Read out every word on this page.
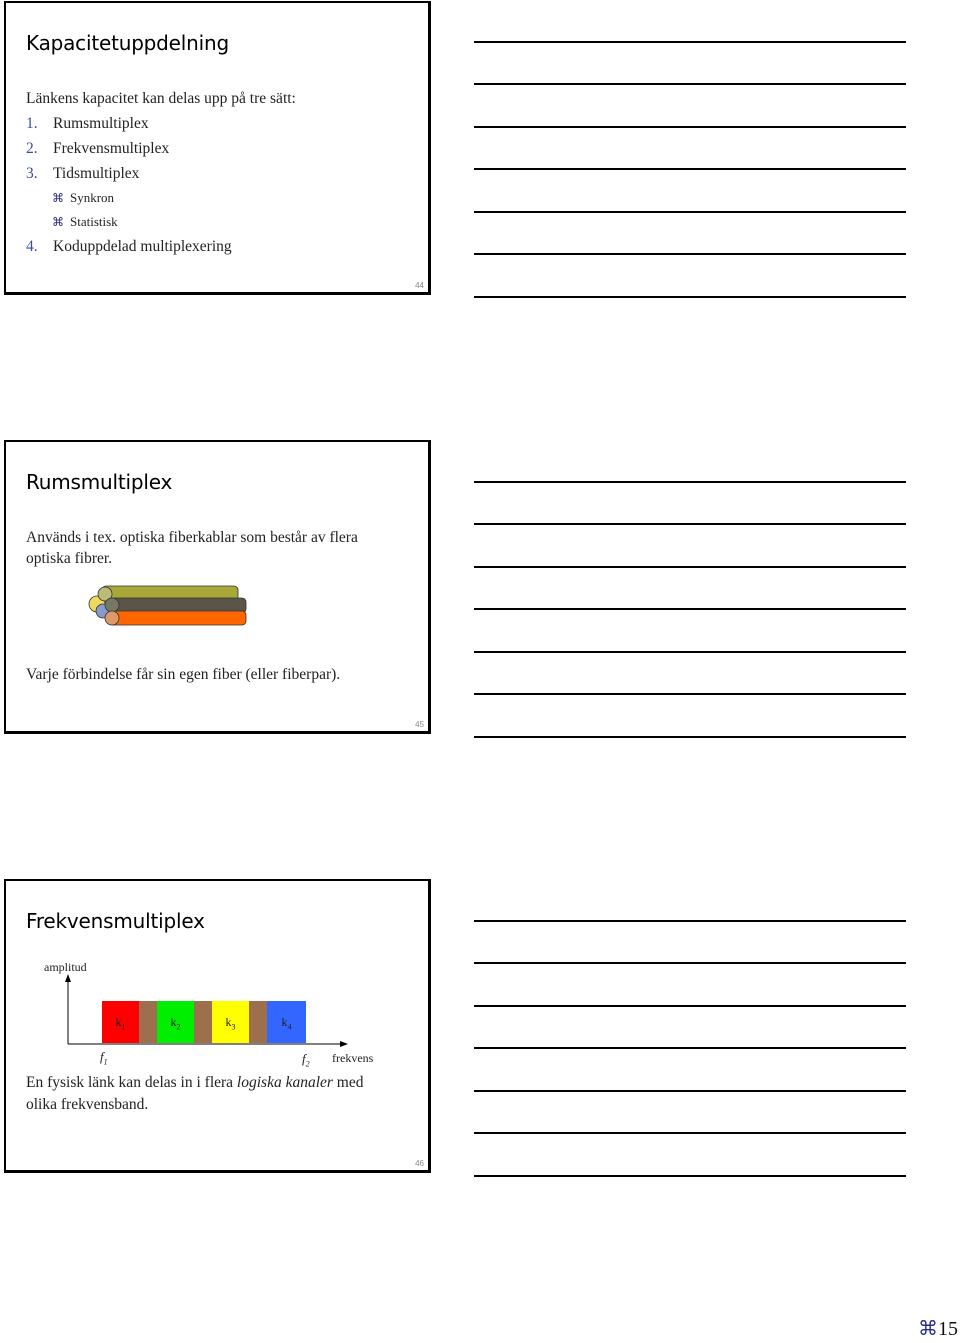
Kapacitetuppdelning
Länkens kapacitet kan delas upp på tre sätt:
1. Rumsmultiplex
2. Frekvensmultiplex
3. Tidsmultiplex
⌘ Synkron
⌘ Statistisk
4. Koduppdelad multiplexering
44
Rumsmultiplex
Används i tex. optiska fiberkablar som består av flera
optiska fibrer.
Varje förbindelse får sin egen fiber (eller fiberpar).
45
Frekvensmultiplex
amplitud
$k_1$	$k_2$	$k_3$	$k_4$
$f_1$	$f_2$ frekvens
En fysisk länk kan delas in i flera logiska kanaler med
olika frekvensband.
46
⌘15
